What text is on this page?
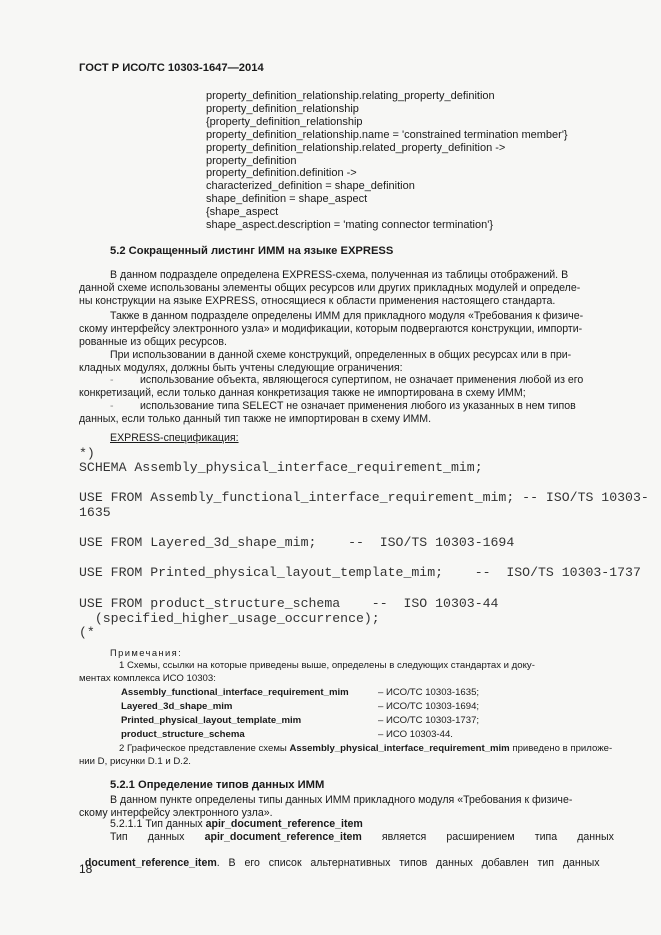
ГОСТ Р ИСО/ТС 10303-1647—2014
property_definition_relationship.relating_property_definition
property_definition_relationship
{property_definition_relationship
property_definition_relationship.name = 'constrained termination member'}
property_definition_relationship.related_property_definition ->
property_definition
property_definition.definition ->
characterized_definition = shape_definition
shape_definition = shape_aspect
{shape_aspect
shape_aspect.description = 'mating connector termination'}
5.2 Сокращенный листинг ИММ на языке EXPRESS
В данном подразделе определена EXPRESS-схема, полученная из таблицы отображений. В
данной схеме использованы элементы общих ресурсов или других прикладных модулей и определе-
ны конструкции на языке EXPRESS, относящиеся к области применения настоящего стандарта.
Также в данном подразделе определены ИММ для прикладного модуля «Требования к физиче-
скому интерфейсу электронного узла» и модификации, которым подвергаются конструкции, импорти-
рованные из общих ресурсов.
При использовании в данной схеме конструкций, определенных в общих ресурсах или в при-
кладных модулях, должны быть учтены следующие ограничения:
- использование объекта, являющегося супертипом, не означает применения любой из его
конкретизаций, если только данная конкретизация также не импортирована в схему ИММ;
- использование типа SELECT не означает применения любого из указанных в нем типов
данных, если только данный тип также не импортирован в схему ИММ.
EXPRESS-спецификация:
*)
SCHEMA Assembly_physical_interface_requirement_mim;
USE FROM Assembly_functional_interface_requirement_mim; -- ISO/TS 10303-
1635
USE FROM Layered_3d_shape_mim;    --  ISO/TS 10303-1694
USE FROM Printed_physical_layout_template_mim;    --  ISO/TS 10303-1737
USE FROM product_structure_schema    --  ISO 10303-44
(specified_higher_usage_occurrence);
(*
Примечания:
1 Схемы, ссылки на которые приведены выше, определены в следующих стандартах и доку-
ментах комплекса ИСО 10303:
Assembly_functional_interface_requirement_mim	– ИСО/ТС 10303-1635;
Layered_3d_shape_mim	– ИСО/ТС 10303-1694;
Printed_physical_layout_template_mim	– ИСО/ТС 10303-1737;
product_structure_schema	– ИСО 10303-44.
2 Графическое представление схемы Assembly_physical_interface_requirement_mim приведено в приложе-
нии D, рисунки D.1 и D.2.
5.2.1 Определение типов данных ИММ
В данном пункте определены типы данных ИММ прикладного модуля «Требования к физиче-
скому интерфейсу электронного узла».
5.2.1.1 Тип данных apir_document_reference_item
Тип данных apir_document_reference_item является расширением типа данных

document_reference_item.   В   его   список   альтернативных   типов   данных   добавлен   тип   данных

18
